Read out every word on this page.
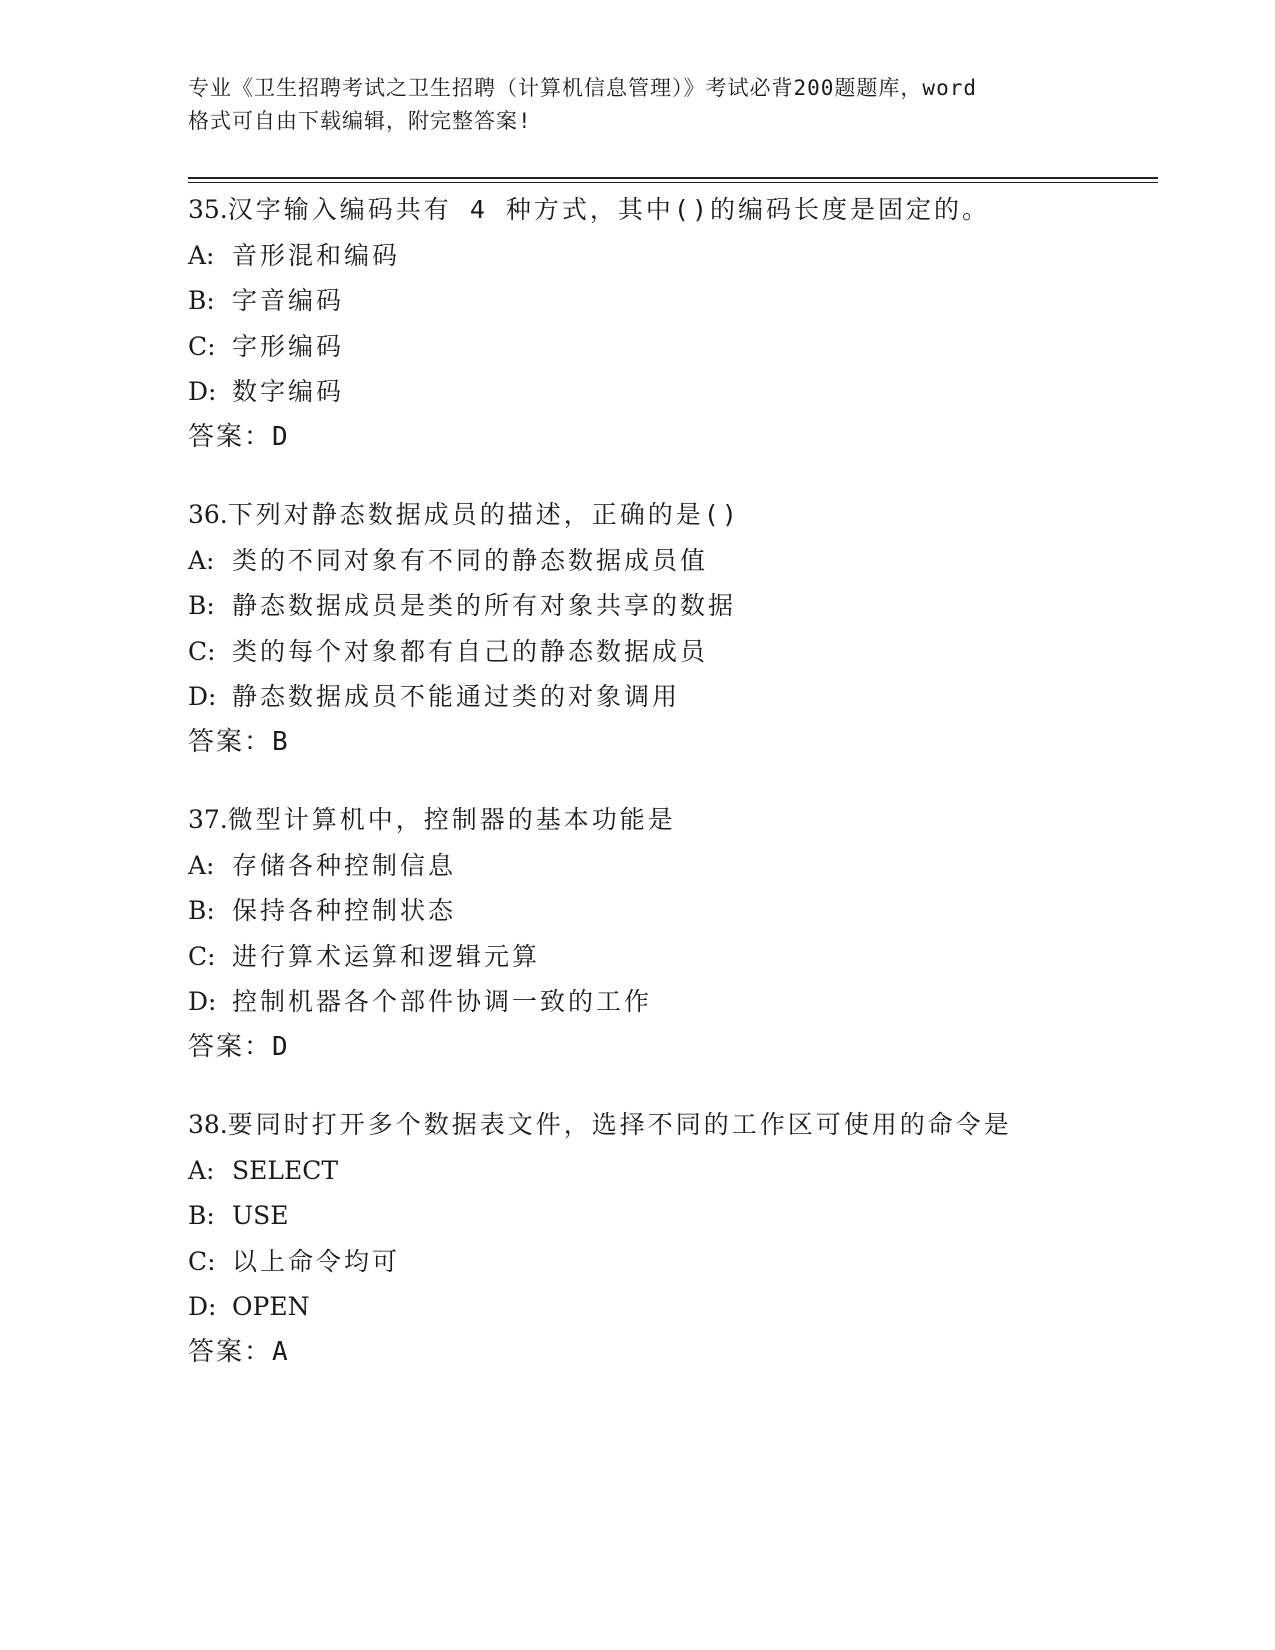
专业《卫生招聘考试之卫生招聘（计算机信息管理）》考试必背200题题库，word
格式可自由下载编辑，附完整答案!
35.汉字输入编码共有 4 种方式，其中()的编码长度是固定的。
A: 音形混和编码
B: 字音编码
C: 字形编码
D: 数字编码
答案：D
36.下列对静态数据成员的描述，正确的是()
A: 类的不同对象有不同的静态数据成员值
B: 静态数据成员是类的所有对象共享的数据
C: 类的每个对象都有自己的静态数据成员
D: 静态数据成员不能通过类的对象调用
答案：B
37.微型计算机中，控制器的基本功能是
A: 存储各种控制信息
B: 保持各种控制状态
C: 进行算术运算和逻辑元算
D: 控制机器各个部件协调一致的工作
答案：D
38.要同时打开多个数据表文件，选择不同的工作区可使用的命令是
A: SELECT
B: USE
C: 以上命令均可
D: OPEN
答案：A
